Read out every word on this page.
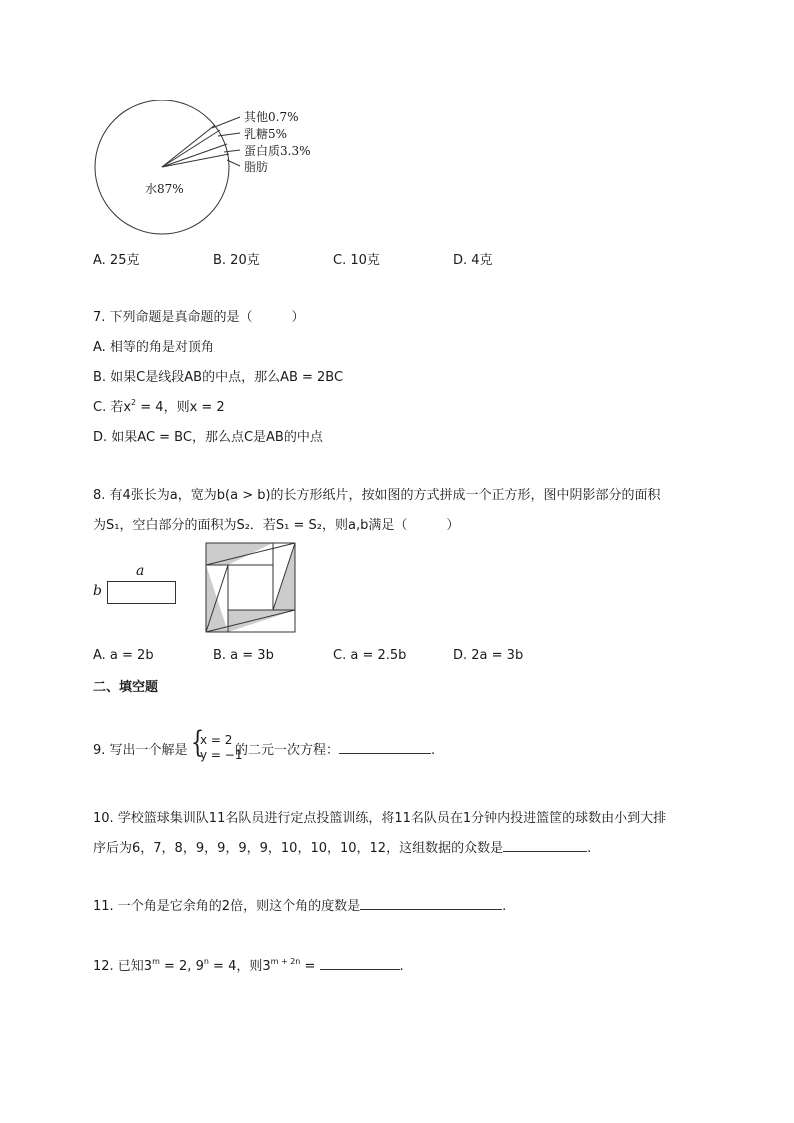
其他0.7%
乳糖5%
蛋白质3.3%
脂肪
水87%
A. 25克	B. 20克	C. 10克	D. 4克
7. 下列命题是真命题的是（　　　）
A. 相等的角是对顶角
B. 如果C是线段AB的中点，那么AB = 2BC
C. 若$x^2 = 4$，则x = 2
D. 如果AC = BC，那么点C是AB的中点
8. 有4张长为a，宽为b(a > b)的长方形纸片，按如图的方式拼成一个正方形，图中阴影部分的面积
为S₁，空白部分的面积为S₂．若S₁ = S₂，则a,b满足（　　　）
a
b
A. a = 2b	B. a = 3b	C. a = 2.5b	D. 2a = 3b
二、填空题
9. 写出一个解是 {
x = 2
y = −1
的二元一次方程：	.
10. 学校篮球集训队11名队员进行定点投篮训练，将11名队员在1分钟内投进篮筐的球数由小到大排
序后为6，7，8，9，9，9，9，10，10，10，12，这组数据的众数是	.
11. 一个角是它余角的2倍，则这个角的度数是	.
12. 已知$3^m = 2$, $9^n = 4$，则$3^{m + 2n}$ =	.
